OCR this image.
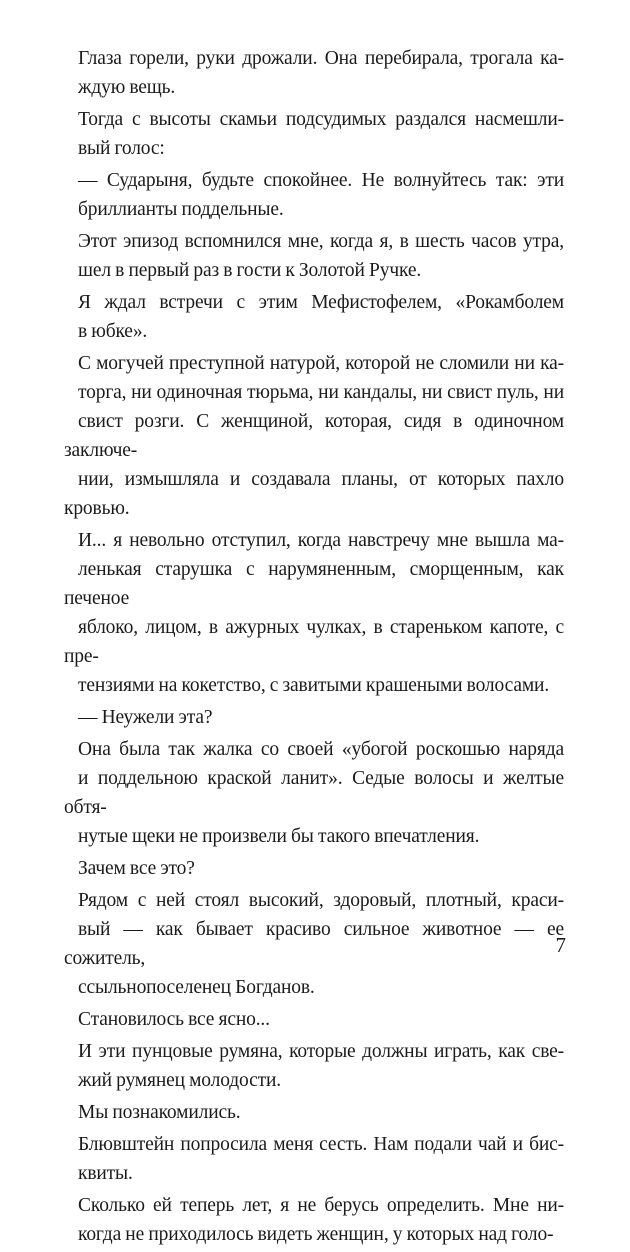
Глаза горели, руки дрожали. Она перебирала, трогала ка-
ждую вещь.

Тогда с высоты скамьи подсудимых раздался насмешли-
вый голос:

— Сударыня, будьте спокойнее. Не волнуйтесь так: эти
бриллианты поддельные.

Этот эпизод вспомнился мне, когда я, в шесть часов утра,
шел в первый раз в гости к Золотой Ручке.

Я ждал встречи с этим Мефистофелем, «Рокамболем
в юбке».

С могучей преступной натурой, которой не сломили ни ка-
торга, ни одиночная тюрьма, ни кандалы, ни свист пуль, ни
свист розги. С женщиной, которая, сидя в одиночном заключе-
нии, измышляла и создавала планы, от которых пахло кровью.

И... я невольно отступил, когда навстречу мне вышла ма-
ленькая старушка с нарумяненным, сморщенным, как печеное
яблоко, лицом, в ажурных чулках, в стареньком капоте, с пре-
тензиями на кокетство, с завитыми крашеными волосами.

— Неужели эта?

Она была так жалка со своей «убогой роскошью наряда
и поддельною краской ланит». Седые волосы и желтые обтя-
нутые щеки не произвели бы такого впечатления.

Зачем все это?

Рядом с ней стоял высокий, здоровый, плотный, краси-
вый — как бывает красиво сильное животное — ее сожитель,
ссыльнопоселенец Богданов.

Становилось все ясно...

И эти пунцовые румяна, которые должны играть, как све-
жий румянец молодости.

Мы познакомились.

Блювштейн попросила меня сесть. Нам подали чай и бис-
квиты.

Сколько ей теперь лет, я не берусь определить. Мне ни-
когда не приходилось видеть женщин, у которых над голо-

7
